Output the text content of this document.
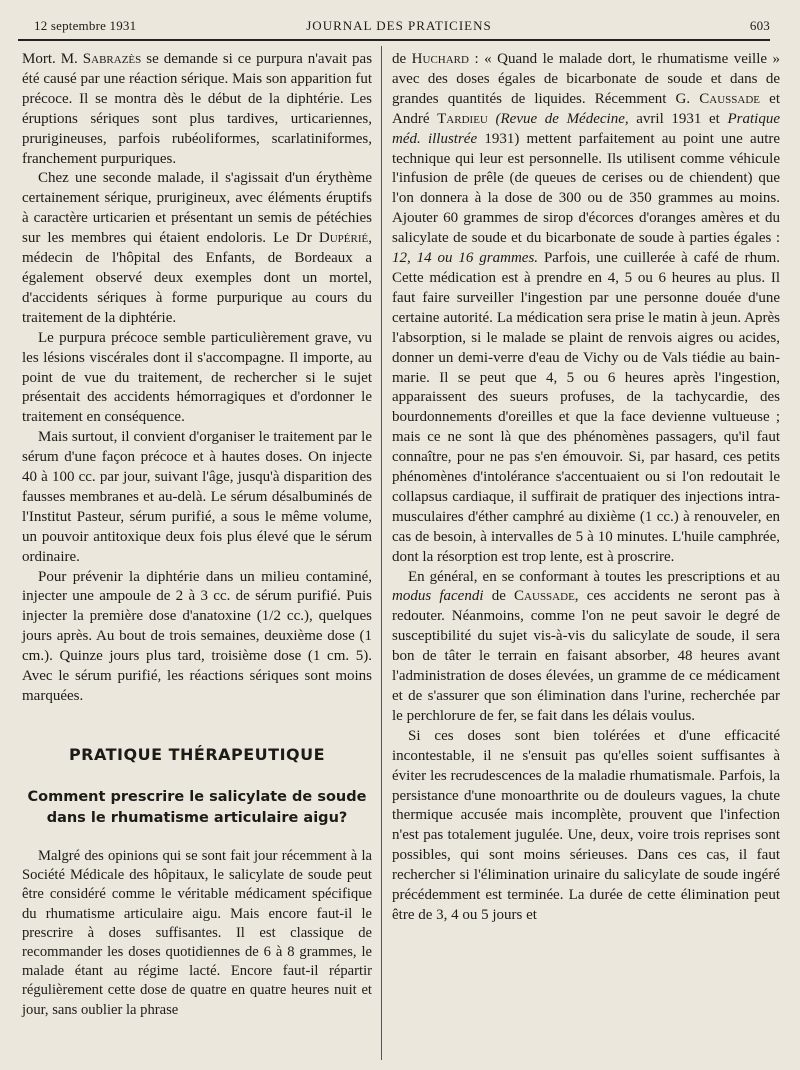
12 septembre 1931	JOURNAL DES PRATICIENS	603

Mort. M. Sabrazès se demande si ce purpura n'avait pas été causé par une réaction sérique. Mais son apparition fut précoce. Il se montra dès le début de la diphtérie. Les éruptions sériques sont plus tardives, urticariennes, prurigineuses, parfois rubéoliformes, scarlatiniformes, franchement purpuriques.

Chez une seconde malade, il s'agissait d'un érythème certainement sérique, prurigineux, avec éléments éruptifs à caractère urticarien et présentant un semis de pétéchies sur les membres qui étaient endoloris. Le Dr Dupérié, médecin de l'hôpital des Enfants, de Bordeaux a également observé deux exemples dont un mortel, d'accidents sériques à forme purpurique au cours du traitement de la diphtérie.

Le purpura précoce semble particulièrement grave, vu les lésions viscérales dont il s'accompagne. Il importe, au point de vue du traitement, de rechercher si le sujet présentait des accidents hémorragiques et d'ordonner le traitement en conséquence.

Mais surtout, il convient d'organiser le traitement par le sérum d'une façon précoce et à hautes doses. On injecte 40 à 100 cc. par jour, suivant l'âge, jusqu'à disparition des fausses membranes et au-delà. Le sérum désalbuminés de l'Institut Pasteur, sérum purifié, a sous le même volume, un pouvoir antitoxique deux fois plus élevé que le sérum ordinaire.

Pour prévenir la diphtérie dans un milieu contaminé, injecter une ampoule de 2 à 3 cc. de sérum purifié. Puis injecter la première dose d'anatoxine (1/2 cc.), quelques jours après. Au bout de trois semaines, deuxième dose (1 cm.). Quinze jours plus tard, troisième dose (1 cm. 5). Avec le sérum purifié, les réactions sériques sont moins marquées.

PRATIQUE THÉRAPEUTIQUE
Comment prescrire le salicylate de soude dans le rhumatisme articulaire aigu?

Malgré des opinions qui se sont fait jour récemment à la Société Médicale des hôpitaux, le salicylate de soude peut être considéré comme le véritable médicament spécifique du rhumatisme articulaire aigu. Mais encore faut-il le prescrire à doses suffisantes. Il est classique de recommander les doses quotidiennes de 6 à 8 grammes, le malade étant au régime lacté. Encore faut-il répartir régulièrement cette dose de quatre en quatre heures nuit et jour, sans oublier la phrase

de Huchard : « Quand le malade dort, le rhumatisme veille » avec des doses égales de bicarbonate de soude et dans de grandes quantités de liquides. Récemment G. Caussade et André Tardieu (Revue de Médecine, avril 1931 et Pratique méd. illustrée 1931) mettent parfaitement au point une autre technique qui leur est personnelle. Ils utilisent comme véhicule l'infusion de prêle (de queues de cerises ou de chiendent) que l'on donnera à la dose de 300 ou de 350 grammes au moins. Ajouter 60 grammes de sirop d'écorces d'oranges amères et du salicylate de soude et du bicarbonate de soude à parties égales : 12, 14 ou 16 grammes. Parfois, une cuillerée à café de rhum. Cette médication est à prendre en 4, 5 ou 6 heures au plus. Il faut faire surveiller l'ingestion par une personne douée d'une certaine autorité. La médication sera prise le matin à jeun. Après l'absorption, si le malade se plaint de renvois aigres ou acides, donner un demi-verre d'eau de Vichy ou de Vals tiédie au bain-marie. Il se peut que 4, 5 ou 6 heures après l'ingestion, apparaissent des sueurs profuses, de la tachycardie, des bourdonnements d'oreilles et que la face devienne vultueuse ; mais ce ne sont là que des phénomènes passagers, qu'il faut connaître, pour ne pas s'en émouvoir. Si, par hasard, ces petits phénomènes d'intolérance s'accentuaient ou si l'on redoutait le collapsus cardiaque, il suffirait de pratiquer des injections intra-musculaires d'éther camphré au dixième (1 cc.) à renouveler, en cas de besoin, à intervalles de 5 à 10 minutes. L'huile camphrée, dont la résorption est trop lente, est à proscrire.

En général, en se conformant à toutes les prescriptions et au modus facendi de Caussade, ces accidents ne seront pas à redouter. Néanmoins, comme l'on ne peut savoir le degré de susceptibilité du sujet vis-à-vis du salicylate de soude, il sera bon de tâter le terrain en faisant absorber, 48 heures avant l'administration de doses élevées, un gramme de ce médicament et de s'assurer que son élimination dans l'urine, recherchée par le perchlorure de fer, se fait dans les délais voulus.

Si ces doses sont bien tolérées et d'une efficacité incontestable, il ne s'ensuit pas qu'elles soient suffisantes à éviter les recrudescences de la maladie rhumatismale. Parfois, la persistance d'une monoarthrite ou de douleurs vagues, la chute thermique accusée mais incomplète, prouvent que l'infection n'est pas totalement jugulée. Une, deux, voire trois reprises sont possibles, qui sont moins sérieuses. Dans ces cas, il faut rechercher si l'élimination urinaire du salicylate de soude ingéré précédemment est terminée. La durée de cette élimination peut être de 3, 4 ou 5 jours et
